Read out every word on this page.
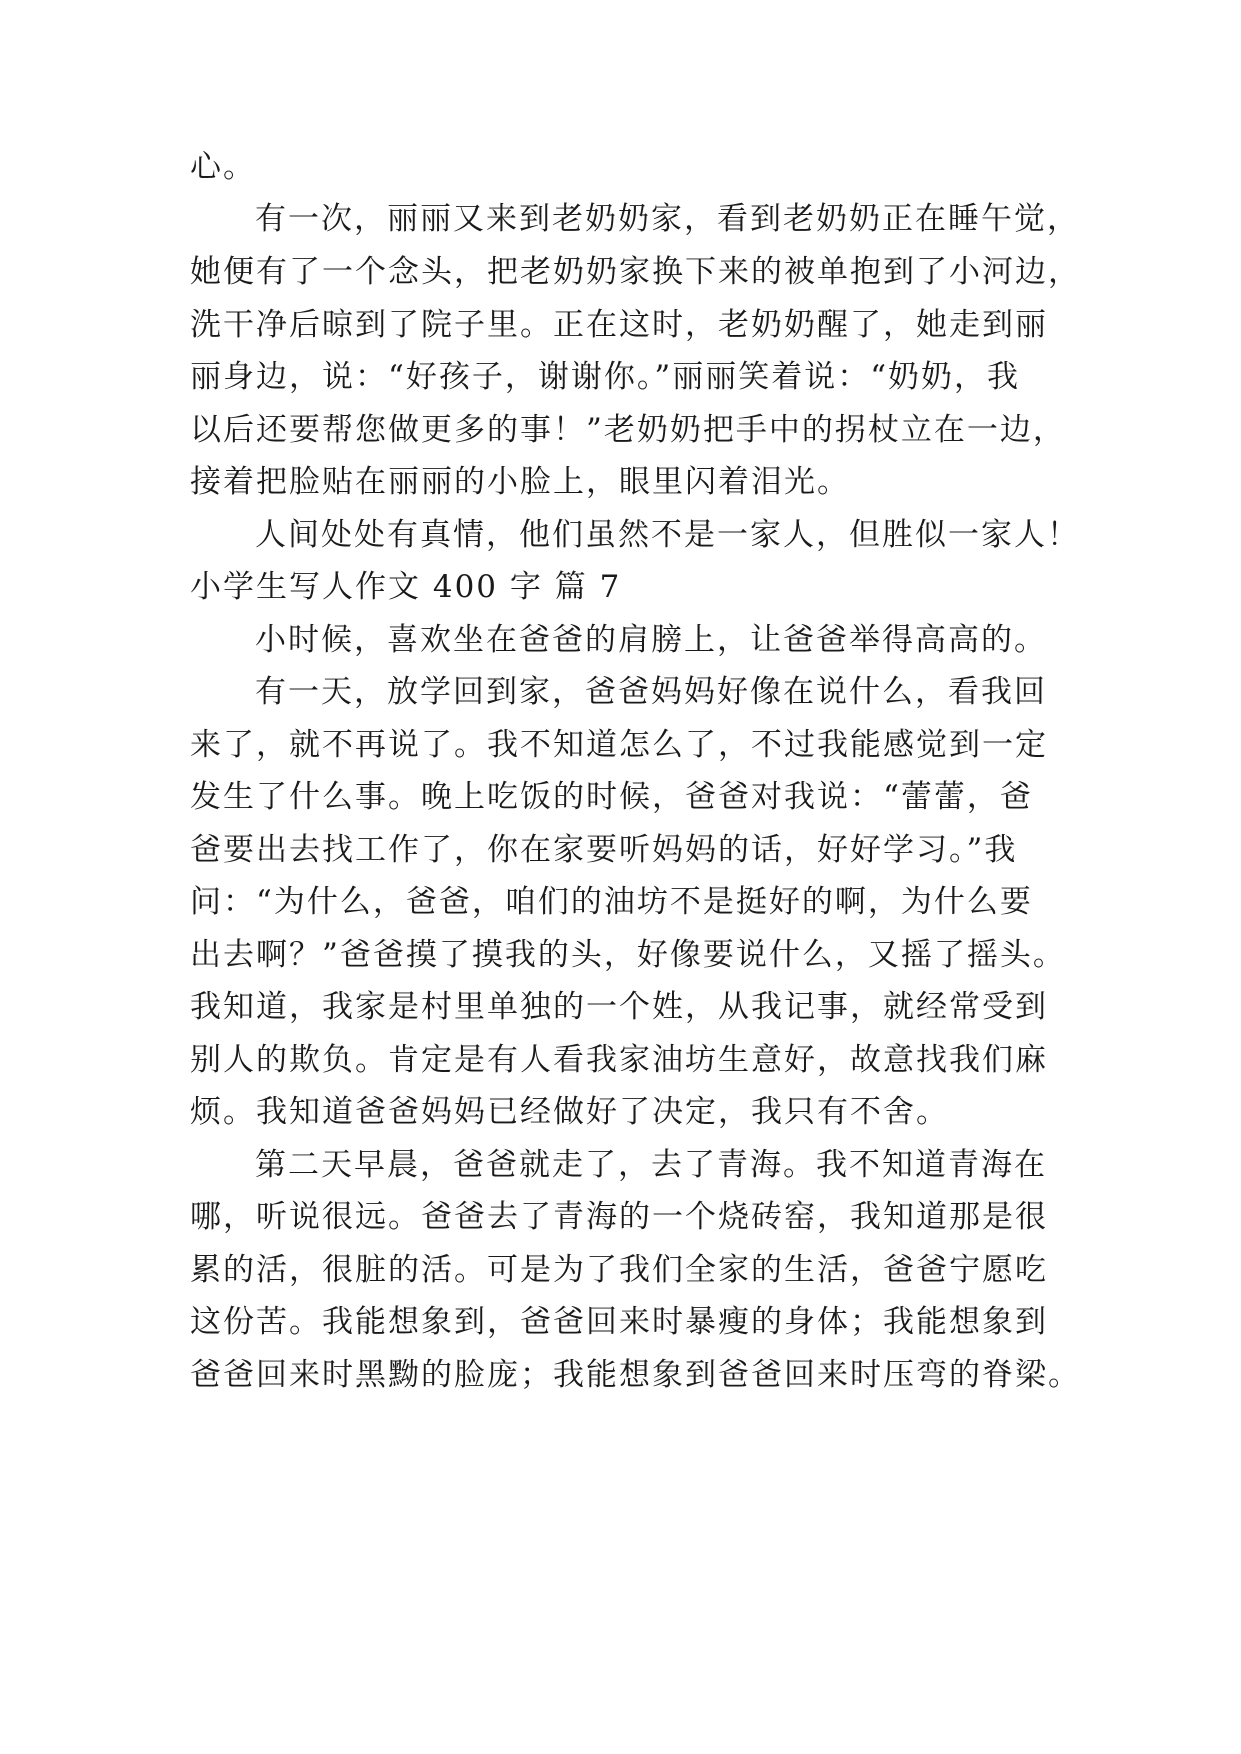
心。
有一次，丽丽又来到老奶奶家，看到老奶奶正在睡午觉，
她便有了一个念头，把老奶奶家换下来的被单抱到了小河边，
洗干净后晾到了院子里。正在这时，老奶奶醒了，她走到丽
丽身边，说：“好孩子，谢谢你。”丽丽笑着说：“奶奶，我
以后还要帮您做更多的事！”老奶奶把手中的拐杖立在一边，
接着把脸贴在丽丽的小脸上，眼里闪着泪光。
人间处处有真情，他们虽然不是一家人，但胜似一家人！
小学生写人作文 400 字 篇 7
小时候，喜欢坐在爸爸的肩膀上，让爸爸举得高高的。
有一天，放学回到家，爸爸妈妈好像在说什么，看我回
来了，就不再说了。我不知道怎么了，不过我能感觉到一定
发生了什么事。晚上吃饭的时候，爸爸对我说：“蕾蕾，爸
爸要出去找工作了，你在家要听妈妈的话，好好学习。”我
问：“为什么，爸爸，咱们的油坊不是挺好的啊，为什么要
出去啊？”爸爸摸了摸我的头，好像要说什么，又摇了摇头。
我知道，我家是村里单独的一个姓，从我记事，就经常受到
别人的欺负。肯定是有人看我家油坊生意好，故意找我们麻
烦。我知道爸爸妈妈已经做好了决定，我只有不舍。
第二天早晨，爸爸就走了，去了青海。我不知道青海在
哪，听说很远。爸爸去了青海的一个烧砖窑，我知道那是很
累的活，很脏的活。可是为了我们全家的生活，爸爸宁愿吃
这份苦。我能想象到，爸爸回来时暴瘦的身体；我能想象到
爸爸回来时黑黝的脸庞；我能想象到爸爸回来时压弯的脊梁。
